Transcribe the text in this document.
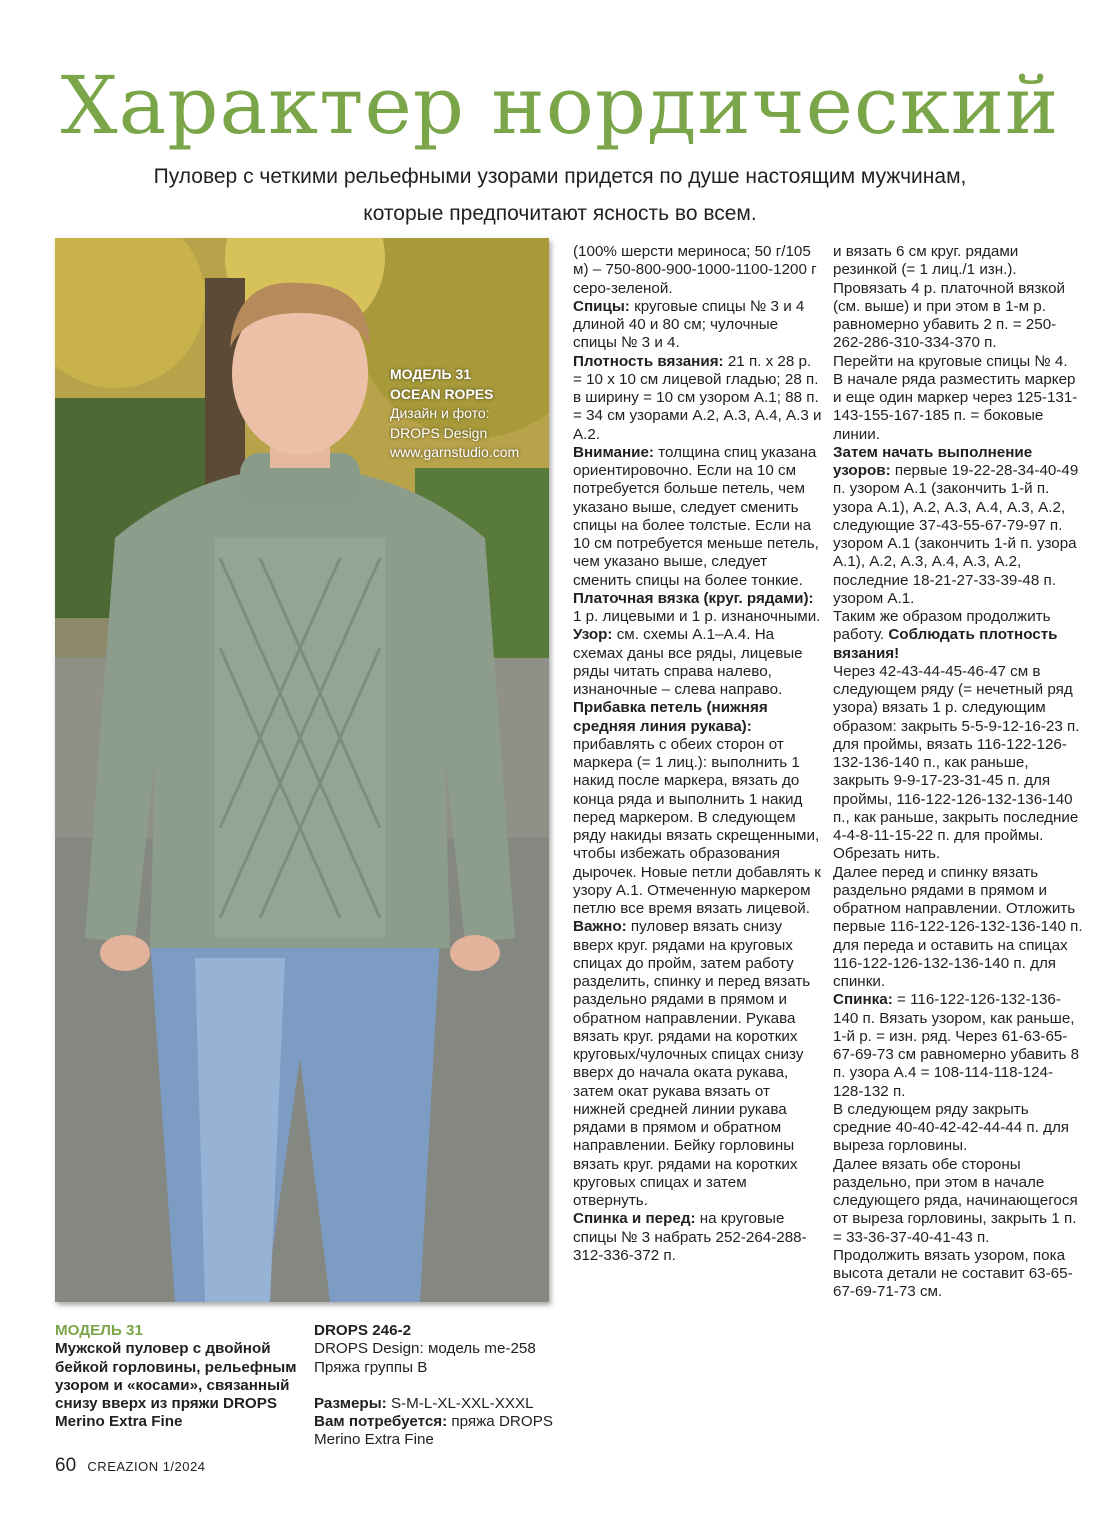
Характер нордический
Пуловер с четкими рельефными узорами придется по душе настоящим мужчинам,
которые предпочитают ясность во всем.
МОДЕЛЬ 31
OCEAN ROPES
Дизайн и фото:
DROPS Design
www.garnstudio.com
МОДЕЛЬ 31
Мужской пуловер с двойной бейкой горловины, рельефным узором и «косами», связанный снизу вверх из пряжи DROPS Merino Extra Fine
DROPS 246-2
DROPS Design: модель me-258
Пряжа группы B

Размеры: S-M-L-XL-XXL-XXXL

Вам потребуется: пряжа DROPS Merino Extra Fine

(100% шерсти мериноса; 50 г/105 м) – 750-800-900-1000-1100-1200 г серо-зеленой.

Спицы: круговые спицы № 3 и 4 длиной 40 и 80 см; чулочные спицы № 3 и 4.

Плотность вязания: 21 п. х 28 р. = 10 х 10 см лицевой гладью; 28 п. в ширину = 10 см узором А.1; 88 п. = 34 см узорами А.2, А.3, А.4, А.3 и А.2.

Внимание: толщина спиц указана ориентировочно. Если на 10 см потребуется больше петель, чем указано выше, следует сменить спицы на более толстые. Если на 10 см потребуется меньше петель, чем указано выше, следует сменить спицы на более тонкие.

Платочная вязка (круг. рядами): 1 р. лицевыми и 1 р. изнаночными.

Узор: см. схемы А.1–А.4. На схемах даны все ряды, лицевые ряды читать справа налево, изнаночные – слева направо.

Прибавка петель (нижняя средняя линия рукава): прибавлять с обеих сторон от маркера (= 1 лиц.): выполнить 1 накид после маркера, вязать до конца ряда и выполнить 1 накид перед маркером. В следующем ряду накиды вязать скрещенными, чтобы избежать образования дырочек. Новые петли добавлять к узору А.1. Отмеченную маркером петлю все время вязать лицевой.

Важно: пуловер вязать снизу вверх круг. рядами на круговых спицах до пройм, затем работу разделить, спинку и перед вязать раздельно рядами в прямом и обратном направлении. Рукава вязать круг. рядами на коротких круговых/чулочных спицах снизу вверх до начала оката рукава, затем окат рукава вязать от нижней средней линии рукава рядами в прямом и обратном направлении. Бейку горловины вязать круг. рядами на коротких круговых спицах и затем отвернуть.

Спинка и перед: на круговые спицы № 3 набрать 252-264-288-312-336-372 п.

и вязать 6 см круг. рядами резинкой (= 1 лиц./1 изн.). Провязать 4 р. платочной вязкой (см. выше) и при этом в 1-м р. равномерно убавить 2 п. = 250-262-286-310-334-370 п.

Перейти на круговые спицы № 4.

В начале ряда разместить маркер и еще один маркер через 125-131-143-155-167-185 п. = боковые линии.

Затем начать выполнение узоров: первые 19-22-28-34-40-49 п. узором А.1 (закончить 1-й п. узора А.1), А.2, А.3, А.4, А.3, А.2, следующие 37-43-55-67-79-97 п. узором А.1 (закончить 1-й п. узора А.1), А.2, А.3, А.4, А.3, А.2, последние 18-21-27-33-39-48 п. узором А.1.

Таким же образом продолжить работу. Соблюдать плотность вязания!

Через 42-43-44-45-46-47 см в следующем ряду (= нечетный ряд узора) вязать 1 р. следующим образом: закрыть 5-5-9-12-16-23 п. для проймы, вязать 116-122-126-132-136-140 п., как раньше, закрыть 9-9-17-23-31-45 п. для проймы, 116-122-126-132-136-140 п., как раньше, закрыть последние 4-4-8-11-15-22 п. для проймы. Обрезать нить.

Далее перед и спинку вязать раздельно рядами в прямом и обратном направлении. Отложить первые 116-122-126-132-136-140 п. для переда и оставить на спицах 116-122-126-132-136-140 п. для спинки.

Спинка: = 116-122-126-132-136-140 п. Вязать узором, как раньше, 1-й р. = изн. ряд. Через 61-63-65-67-69-73 см равномерно убавить 8 п. узора А.4 = 108-114-118-124-128-132 п.

В следующем ряду закрыть средние 40-40-42-42-44-44 п. для выреза горловины.

Далее вязать обе стороны раздельно, при этом в начале следующего ряда, начинающегося от выреза горловины, закрыть 1 п. = 33-36-37-40-41-43 п.

Продолжить вязать узором, пока высота детали не составит 63-65-67-69-71-73 см.

60 CREAZION 1/2024
